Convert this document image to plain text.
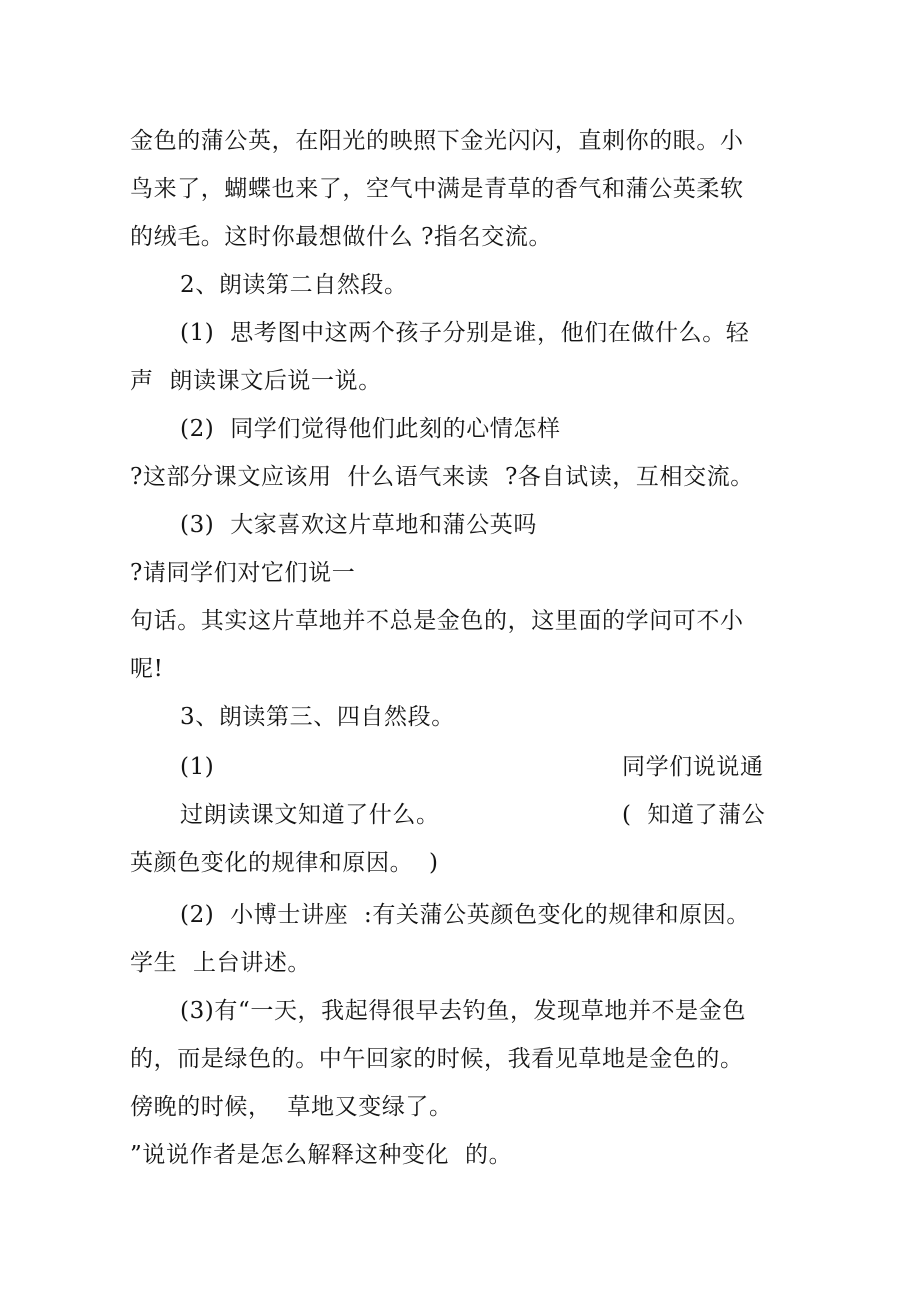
金色的蒲公英，在阳光的映照下金光闪闪，直刺你的眼。小
鸟来了，蝴蝶也来了，空气中满是青草的香气和蒲公英柔软
的绒毛。这时你最想做什么 ?指名交流。
2、朗读第二自然段。
(1)  思考图中这两个孩子分别是谁，他们在做什么。轻
声  朗读课文后说一说。
(2)  同学们觉得他们此刻的心情怎样
?这部分课文应该用  什么语气来读  ?各自试读，互相交流。
(3)  大家喜欢这片草地和蒲公英吗
?请同学们对它们说一
句话。其实这片草地并不总是金色的，这里面的学问可不小
呢!
3、朗读第三、四自然段。
(1)	同学们说说通
过朗读课文知道了什么。	(  知道了蒲公
英颜色变化的规律和原因。  )
(2)  小博士讲座  :有关蒲公英颜色变化的规律和原因。
学生  上台讲述。
(3)有“一天，我起得很早去钓鱼，发现草地并不是金色
的，而是绿色的。中午回家的时候，我看见草地是金色的。
傍晚的时候，  草地又变绿了。
”说说作者是怎么解释这种变化  的。
